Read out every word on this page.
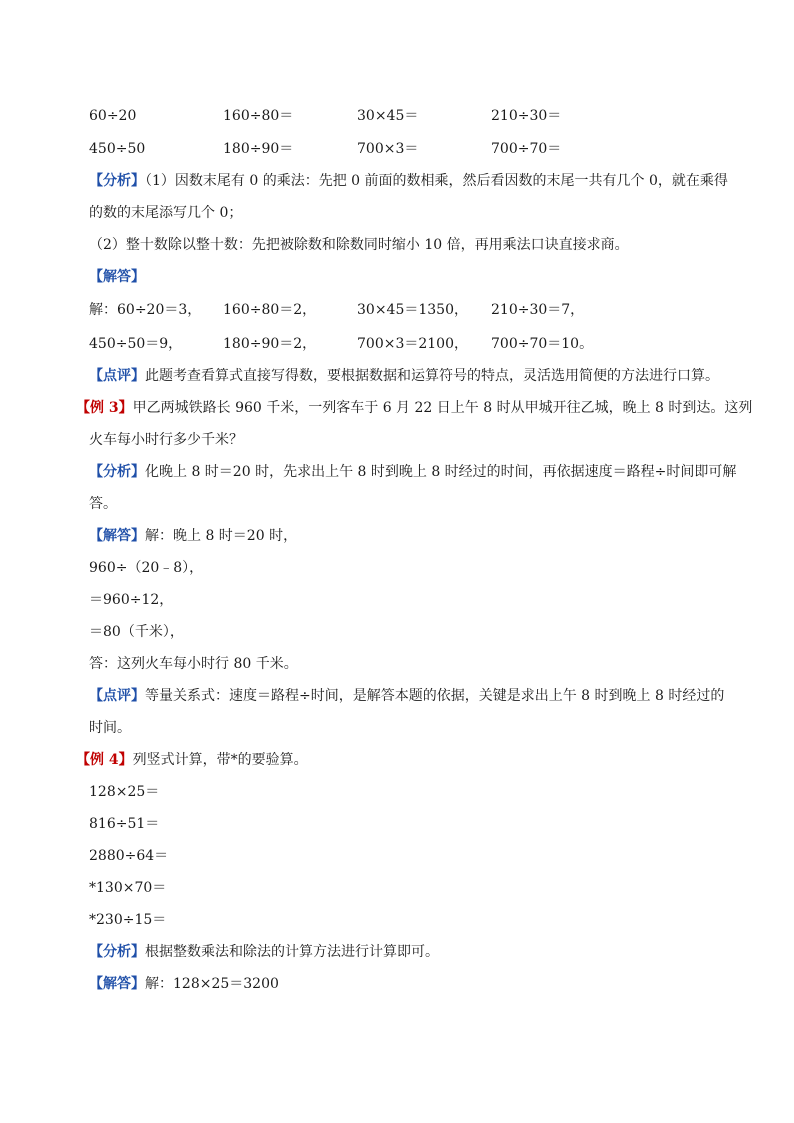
60÷20	160÷80＝	30×45＝	210÷30＝
450÷50	180÷90＝	700×3＝	700÷70＝
【分析】（1）因数末尾有 0 的乘法：先把 0 前面的数相乘，然后看因数的末尾一共有几个 0，就在乘得
的数的末尾添写几个 0；
（2）整十数除以整十数：先把被除数和除数同时缩小 10 倍，再用乘法口诀直接求商。
【解答】
解：60÷20＝3， 160÷80＝2，	30×45＝1350， 210÷30＝7，
450÷50＝9，	180÷90＝2，	700×3＝2100， 700÷70＝10。
【点评】此题考查看算式直接写得数，要根据数据和运算符号的特点，灵活选用简便的方法进行口算。
【例 3】甲乙两城铁路长 960 千米，一列客车于 6 月 22 日上午 8 时从甲城开往乙城，晚上 8 时到达。这列
火车每小时行多少千米？
【分析】化晚上 8 时＝20 时，先求出上午 8 时到晚上 8 时经过的时间，再依据速度＝路程÷时间即可解
答。
【解答】解：晚上 8 时＝20 时，
960÷（20﹣8），
＝960÷12，
＝80（千米），
答：这列火车每小时行 80 千米。
【点评】等量关系式：速度＝路程÷时间，是解答本题的依据，关键是求出上午 8 时到晚上 8 时经过的
时间。
【例 4】列竖式计算，带*的要验算。
128×25＝
816÷51＝
2880÷64＝
*130×70＝
*230÷15＝
【分析】根据整数乘法和除法的计算方法进行计算即可。
【解答】解：128×25＝3200
